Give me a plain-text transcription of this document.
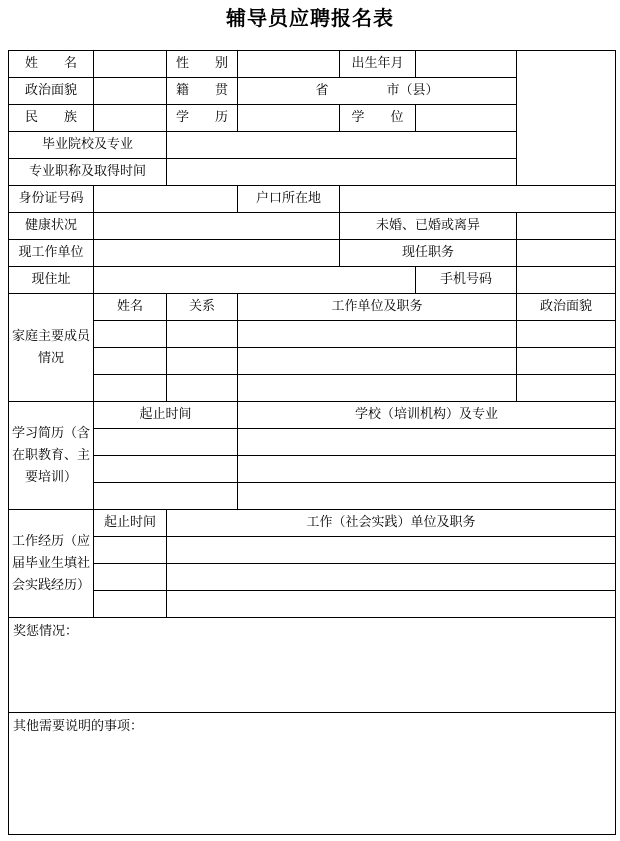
辅导员应聘报名表
姓 名		性 别		出生年月		
政治面貌		籍 贯	省 市（县）			
民 族		学 历		学 位		
毕业院校及专业						
专业职称及取得时间						
身份证号码			户口所在地			
健康状况				未婚、已婚或离异		
现工作单位				现任职务		
现住址					手机号码	
家庭主要成员情况	姓名	关系	工作单位及职务			政治面貌

学习简历（含在职教育、主要培训）	起止时间		学校（培训机构）及专业			

工作经历（应届毕业生填社会实践经历）	起止时间	工作（社会实践）单位及职务				

奖惩情况：						
其他需要说明的事项：						
